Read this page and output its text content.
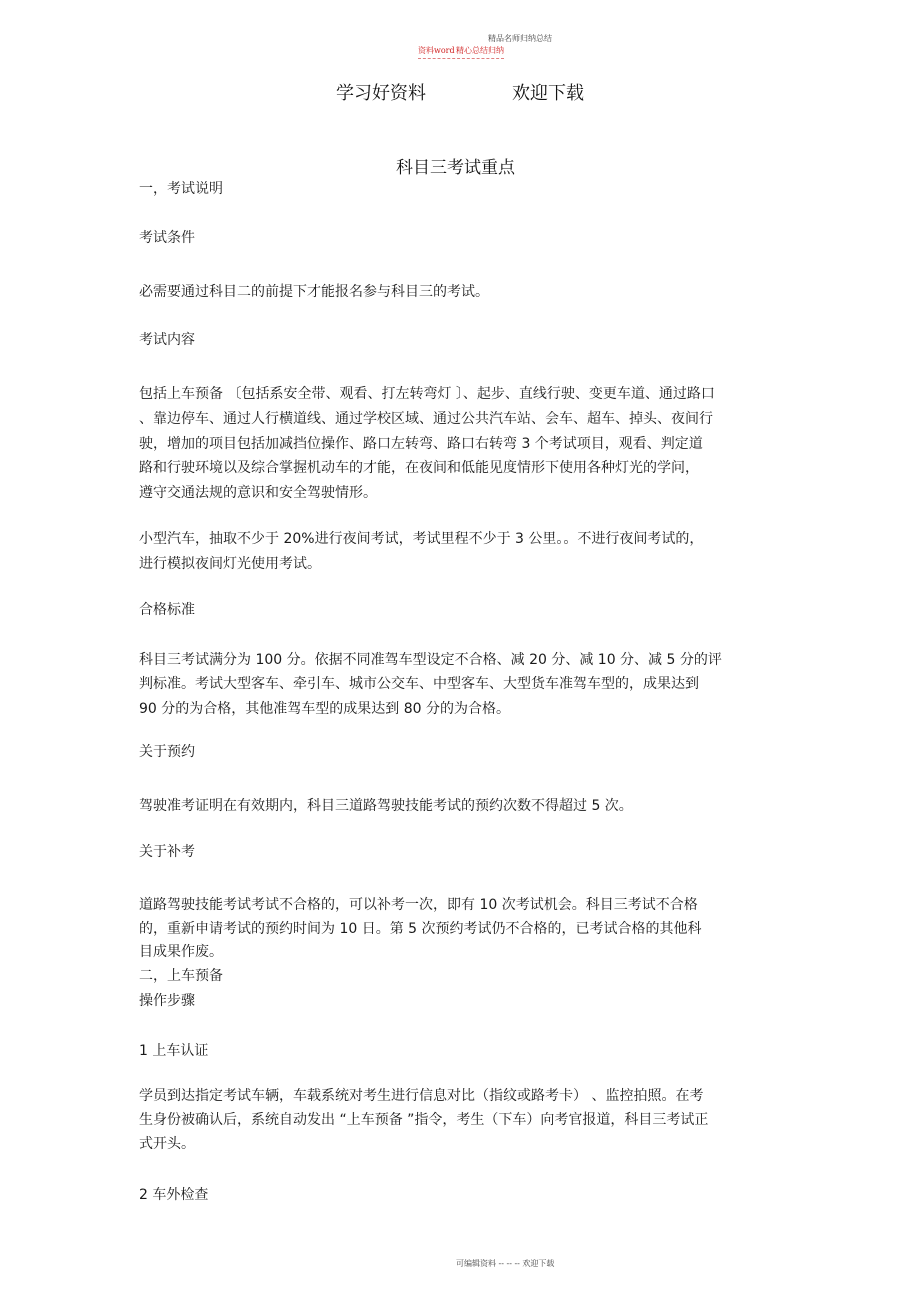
精品名师归纳总结
资料word 精心总结归纳
学习好资料	欢迎下载
科目三考试重点
一，考试说明
考试条件
必需要通过科目二的前提下才能报名参与科目三的考试。
考试内容
包括上车预备 〔包括系安全带、观看、打左转弯灯 〕、起步、直线行驶、变更车道、通过路口
、靠边停车、通过人行横道线、通过学校区域、通过公共汽车站、会车、超车、掉头、夜间行
驶，增加的项目包括加减挡位操作、路口左转弯、路口右转弯 3 个考试项目，观看、判定道
路和行驶环境以及综合掌握机动车的才能，在夜间和低能见度情形下使用各种灯光的学问，
遵守交通法规的意识和安全驾驶情形。
小型汽车，抽取不少于 20%进行夜间考试，考试里程不少于 3 公里。。不进行夜间考试的，
进行模拟夜间灯光使用考试。
合格标准
科目三考试满分为 100 分。依据不同准驾车型设定不合格、减 20 分、减 10 分、减 5 分的评
判标准。考试大型客车、牵引车、城市公交车、中型客车、大型货车准驾车型的，成果达到
90 分的为合格，其他准驾车型的成果达到 80 分的为合格。
关于预约
驾驶准考证明在有效期内，科目三道路驾驶技能考试的预约次数不得超过 5 次。
关于补考
道路驾驶技能考试考试不合格的，可以补考一次，即有 10 次考试机会。科目三考试不合格
的，重新申请考试的预约时间为 10 日。第 5 次预约考试仍不合格的，已考试合格的其他科
目成果作废。
二，上车预备
操作步骤
1 上车认证
学员到达指定考试车辆，车载系统对考生进行信息对比（指纹或路考卡） 、监控拍照。在考
生身份被确认后，系统自动发出 “上车预备 ”指令，考生（下车）向考官报道，科目三考试正
式开头。
2 车外检查
可编辑资料 -- -- -- 欢迎下载
